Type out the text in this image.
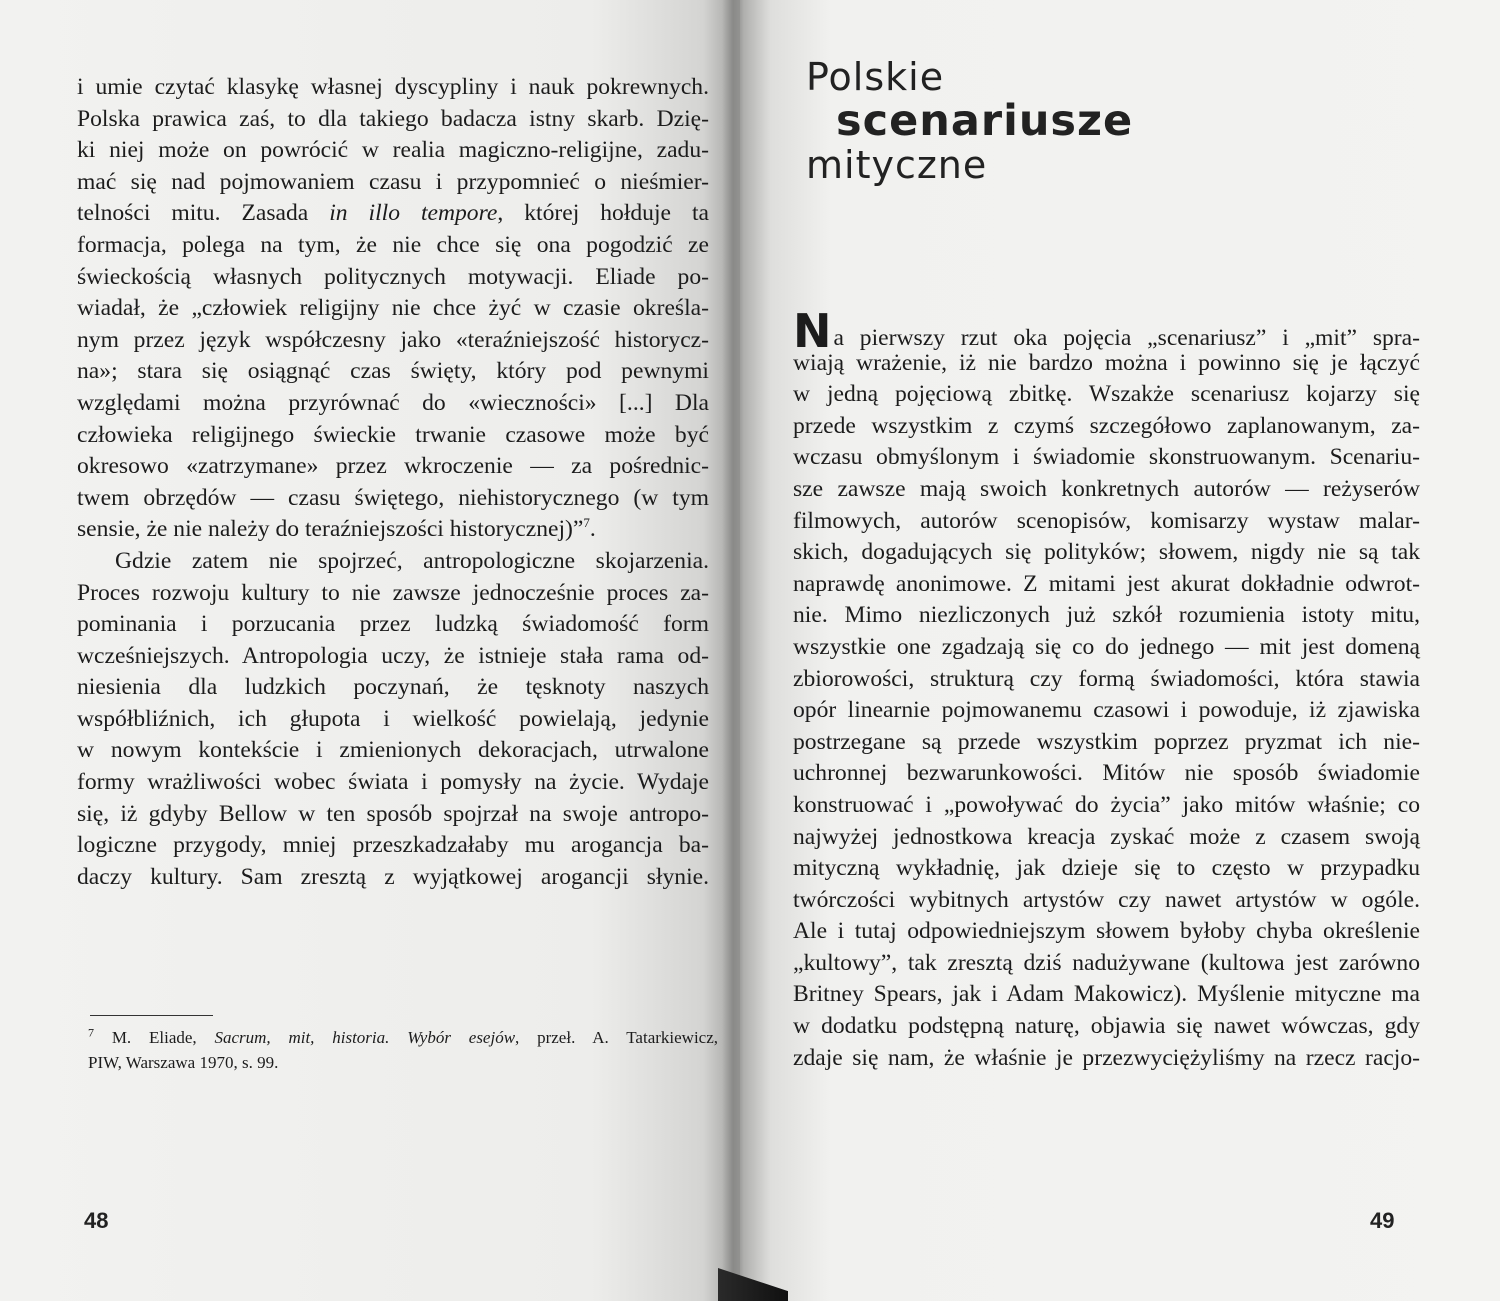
i umie czytać klasykę własnej dyscypliny i nauk pokrewnych.
Polska prawica zaś, to dla takiego badacza istny skarb. Dzię-
ki niej może on powrócić w realia magiczno-religijne, zadu-
mać się nad pojmowaniem czasu i przypomnieć o nieśmier-
telności mitu. Zasada in illo tempore, której hołduje ta
formacja, polega na tym, że nie chce się ona pogodzić ze
świeckością własnych politycznych motywacji. Eliade po-
wiadał, że „człowiek religijny nie chce żyć w czasie określa-
nym przez język współczesny jako «teraźniejszość historycz-
na»; stara się osiągnąć czas święty, który pod pewnymi
względami można przyrównać do «wieczności» [...] Dla
człowieka religijnego świeckie trwanie czasowe może być
okresowo «zatrzymane» przez wkroczenie — za pośrednic-
twem obrzędów — czasu świętego, niehistorycznego (w tym
sensie, że nie należy do teraźniejszości historycznej)”$^7$.
Gdzie zatem nie spojrzeć, antropologiczne skojarzenia.
Proces rozwoju kultury to nie zawsze jednocześnie proces za-
pominania i porzucania przez ludzką świadomość form
wcześniejszych. Antropologia uczy, że istnieje stała rama od-
niesienia dla ludzkich poczynań, że tęsknoty naszych
współbliźnich, ich głupota i wielkość powielają, jedynie
w nowym kontekście i zmienionych dekoracjach, utrwalone
formy wrażliwości wobec świata i pomysły na życie. Wydaje
się, iż gdyby Bellow w ten sposób spojrzał na swoje antropo-
logiczne przygody, mniej przeszkadzałaby mu arogancja ba-
daczy kultury. Sam zresztą z wyjątkowej arogancji słynie.
$^7$ M. Eliade, Sacrum, mit, historia. Wybór esejów, przeł. A. Tatarkiewicz,
PIW, Warszawa 1970, s. 99.
48
Polskie
scenariusze
mityczne
Na pierwszy rzut oka pojęcia „scenariusz” i „mit” spra-
wiają wrażenie, iż nie bardzo można i powinno się je łączyć
w jedną pojęciową zbitkę. Wszakże scenariusz kojarzy się
przede wszystkim z czymś szczegółowo zaplanowanym, za-
wczasu obmyślonym i świadomie skonstruowanym. Scenariu-
sze zawsze mają swoich konkretnych autorów — reżyserów
filmowych, autorów scenopisów, komisarzy wystaw malar-
skich, dogadujących się polityków; słowem, nigdy nie są tak
naprawdę anonimowe. Z mitami jest akurat dokładnie odwrot-
nie. Mimo niezliczonych już szkół rozumienia istoty mitu,
wszystkie one zgadzają się co do jednego — mit jest domeną
zbiorowości, strukturą czy formą świadomości, która stawia
opór linearnie pojmowanemu czasowi i powoduje, iż zjawiska
postrzegane są przede wszystkim poprzez pryzmat ich nie-
uchronnej bezwarunkowości. Mitów nie sposób świadomie
konstruować i „powoływać do życia” jako mitów właśnie; co
najwyżej jednostkowa kreacja zyskać może z czasem swoją
mityczną wykładnię, jak dzieje się to często w przypadku
twórczości wybitnych artystów czy nawet artystów w ogóle.
Ale i tutaj odpowiedniejszym słowem byłoby chyba określenie
„kultowy”, tak zresztą dziś nadużywane (kultowa jest zarówno
Britney Spears, jak i Adam Makowicz). Myślenie mityczne ma
w dodatku podstępną naturę, objawia się nawet wówczas, gdy
zdaje się nam, że właśnie je przezwyciężyliśmy na rzecz racjo-
49
